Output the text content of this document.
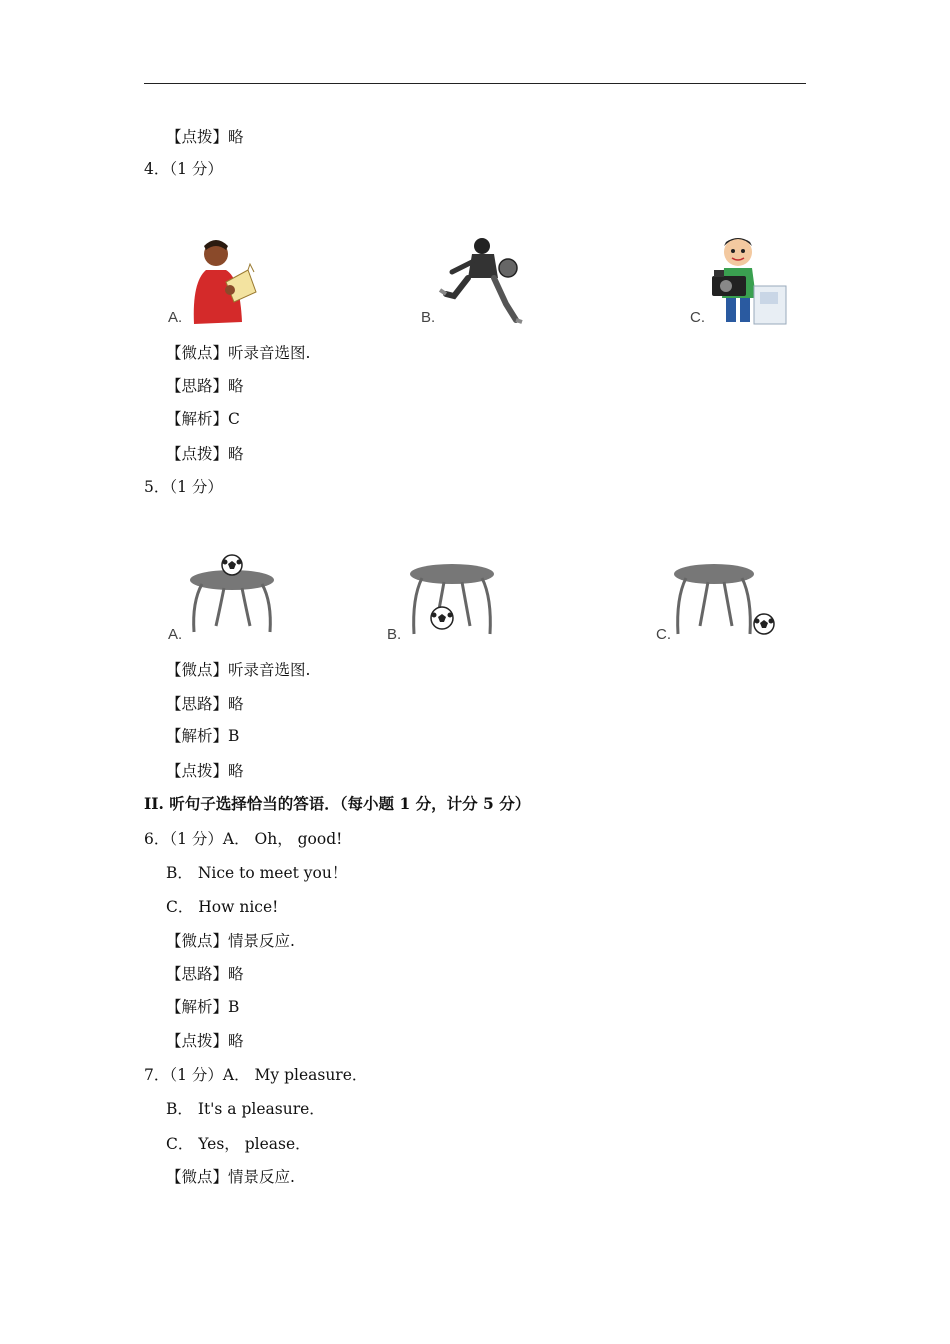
【点拨】略
4．（1 分）
A.	B.	C.
【微点】听录音选图.
【思路】略
【解析】C
【点拨】略
5．（1 分）
A.	B.	C.
【微点】听录音选图.
【思路】略
【解析】B
【点拨】略
II. 听句子选择恰当的答语．（每小题 1 分，计分 5 分）
6．（1 分）A． Oh， good!
B． Nice to meet you！
C． How nice!
【微点】情景反应.
【思路】略
【解析】B
【点拨】略
7．（1 分）A． My pleasure．
B． It's a pleasure．
C． Yes， please．
【微点】情景反应.
